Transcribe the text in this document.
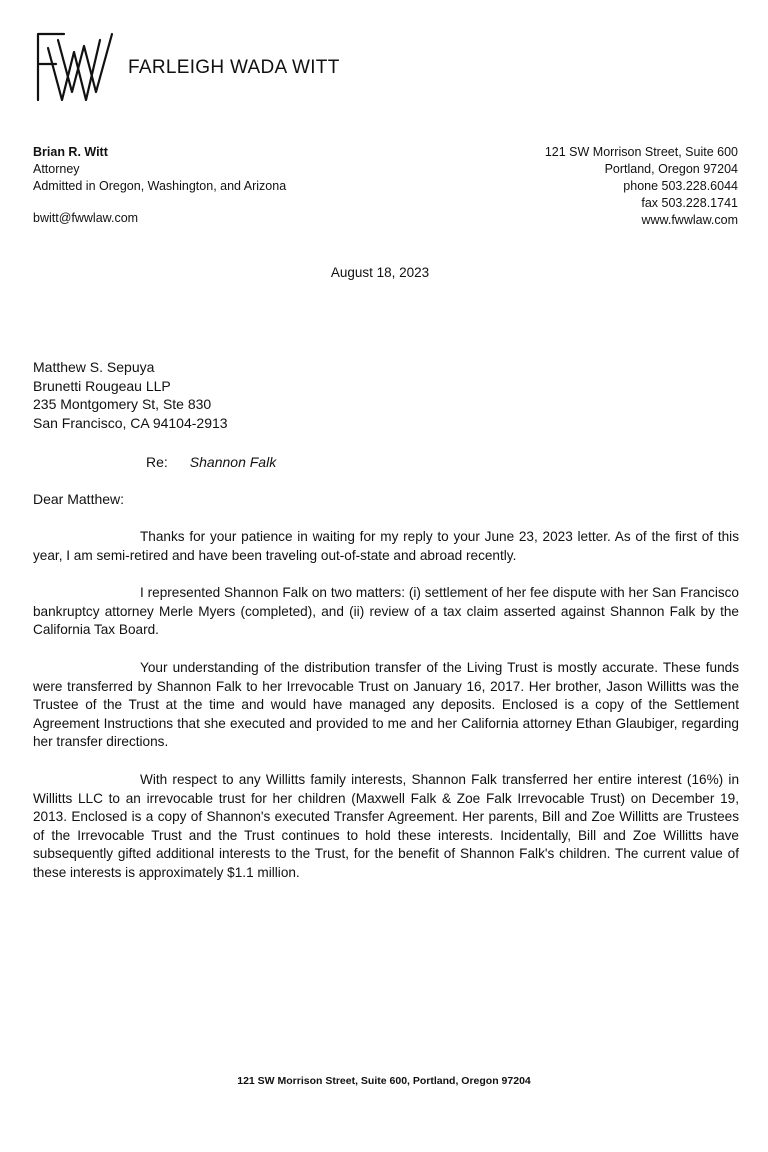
FARLEIGH WADA WITT
Brian R. Witt
Attorney
Admitted in Oregon, Washington, and Arizona
bwitt@fwwlaw.com
121 SW Morrison Street, Suite 600
Portland, Oregon 97204
phone 503.228.6044
fax 503.228.1741
www.fwwlaw.com
August 18, 2023
Matthew S. Sepuya
Brunetti Rougeau LLP
235 Montgomery St, Ste 830
San Francisco, CA 94104-2913
Re: Shannon Falk
Dear Matthew:

Thanks for your patience in waiting for my reply to your June 23, 2023 letter. As of the first of this year, I am semi-retired and have been traveling out-of-state and abroad recently.

I represented Shannon Falk on two matters: (i) settlement of her fee dispute with her San Francisco bankruptcy attorney Merle Myers (completed), and (ii) review of a tax claim asserted against Shannon Falk by the California Tax Board.

Your understanding of the distribution transfer of the Living Trust is mostly accurate. These funds were transferred by Shannon Falk to her Irrevocable Trust on January 16, 2017. Her brother, Jason Willitts was the Trustee of the Trust at the time and would have managed any deposits. Enclosed is a copy of the Settlement Agreement Instructions that she executed and provided to me and her California attorney Ethan Glaubiger, regarding her transfer directions.

With respect to any Willitts family interests, Shannon Falk transferred her entire interest (16%) in Willitts LLC to an irrevocable trust for her children (Maxwell Falk & Zoe Falk Irrevocable Trust) on December 19, 2013. Enclosed is a copy of Shannon's executed Transfer Agreement. Her parents, Bill and Zoe Willitts are Trustees of the Irrevocable Trust and the Trust continues to hold these interests. Incidentally, Bill and Zoe Willitts have subsequently gifted additional interests to the Trust, for the benefit of Shannon Falk's children. The current value of these interests is approximately $1.1 million.

121 SW Morrison Street, Suite 600, Portland, Oregon 97204
